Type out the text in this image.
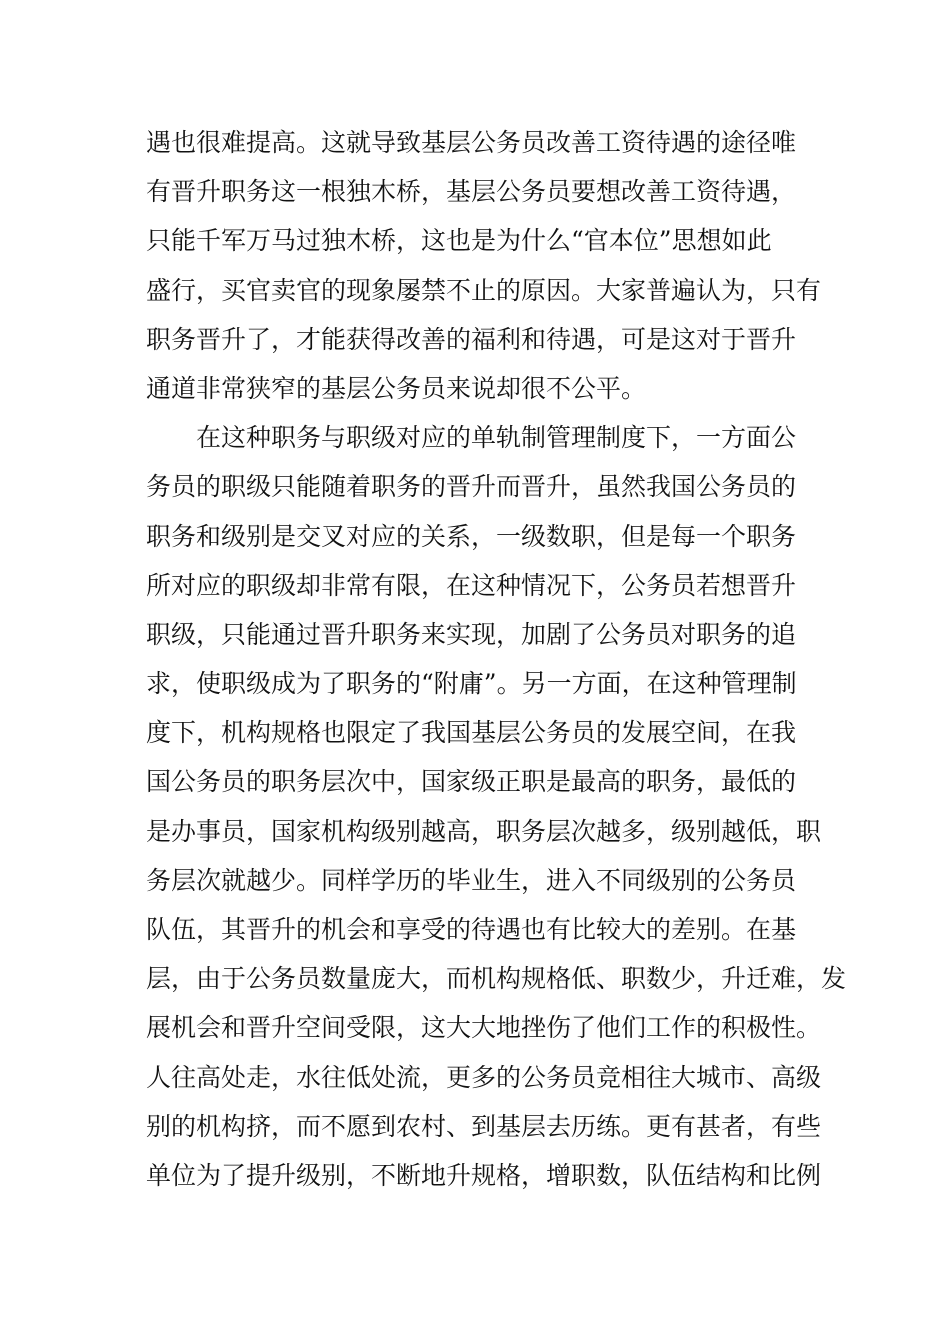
遇也很难提高。这就导致基层公务员改善工资待遇的途径唯
有晋升职务这一根独木桥，基层公务员要想改善工资待遇，
只能千军万马过独木桥，这也是为什么“官本位”思想如此
盛行，买官卖官的现象屡禁不止的原因。大家普遍认为，只有
职务晋升了，才能获得改善的福利和待遇，可是这对于晋升
通道非常狭窄的基层公务员来说却很不公平。
在这种职务与职级对应的单轨制管理制度下，一方面公
务员的职级只能随着职务的晋升而晋升，虽然我国公务员的
职务和级别是交叉对应的关系，一级数职，但是每一个职务
所对应的职级却非常有限，在这种情况下，公务员若想晋升
职级，只能通过晋升职务来实现，加剧了公务员对职务的追
求，使职级成为了职务的“附庸”。另一方面，在这种管理制
度下，机构规格也限定了我国基层公务员的发展空间，在我
国公务员的职务层次中，国家级正职是最高的职务，最低的
是办事员，国家机构级别越高，职务层次越多，级别越低，职
务层次就越少。同样学历的毕业生，进入不同级别的公务员
队伍，其晋升的机会和享受的待遇也有比较大的差别。在基
层，由于公务员数量庞大，而机构规格低、职数少，升迁难，发
展机会和晋升空间受限，这大大地挫伤了他们工作的积极性。
人往高处走，水往低处流，更多的公务员竞相往大城市、高级
别的机构挤，而不愿到农村、到基层去历练。更有甚者，有些
单位为了提升级别，不断地升规格，增职数，队伍结构和比例
